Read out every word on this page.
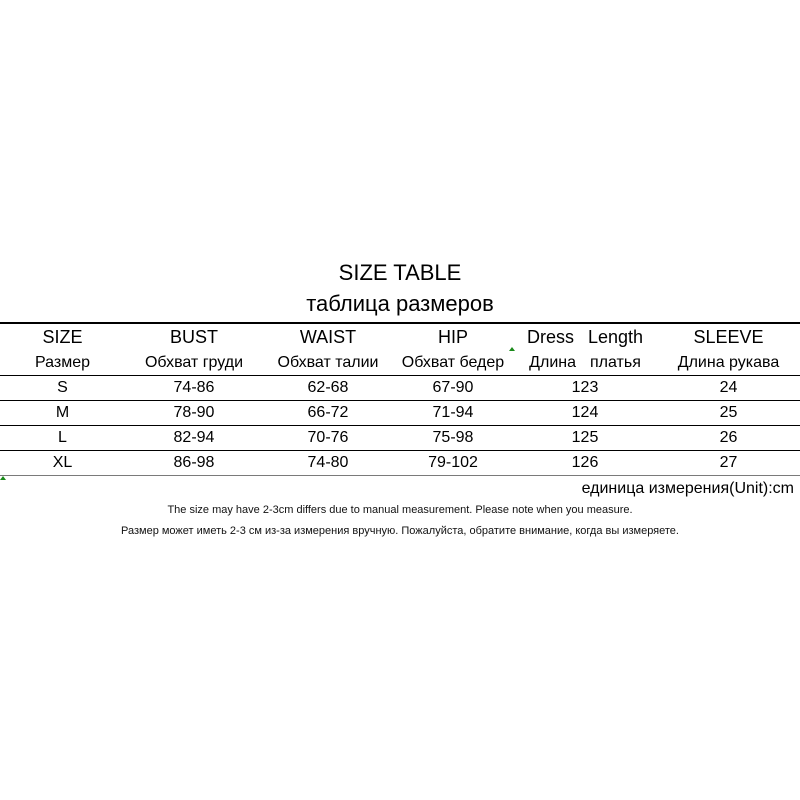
SIZE TABLE
таблица размеров
SIZE	BUST	WAIST	HIP	Dress Length	SLEEVE
Размер	Обхват груди	Обхват талии	Обхват бедер	Длина платья	Длина рукава
S	74-86	62-68	67-90	123	24
M	78-90	66-72	71-94	124	25
L	82-94	70-76	75-98	125	26
XL	86-98	74-80	79-102	126	27
единица измерения(Unit):cm
The size may have 2-3cm differs due to manual measurement. Please note when you measure.
Размер может иметь 2-3 см из-за измерения вручную. Пожалуйста, обратите внимание, когда вы измеряете.
